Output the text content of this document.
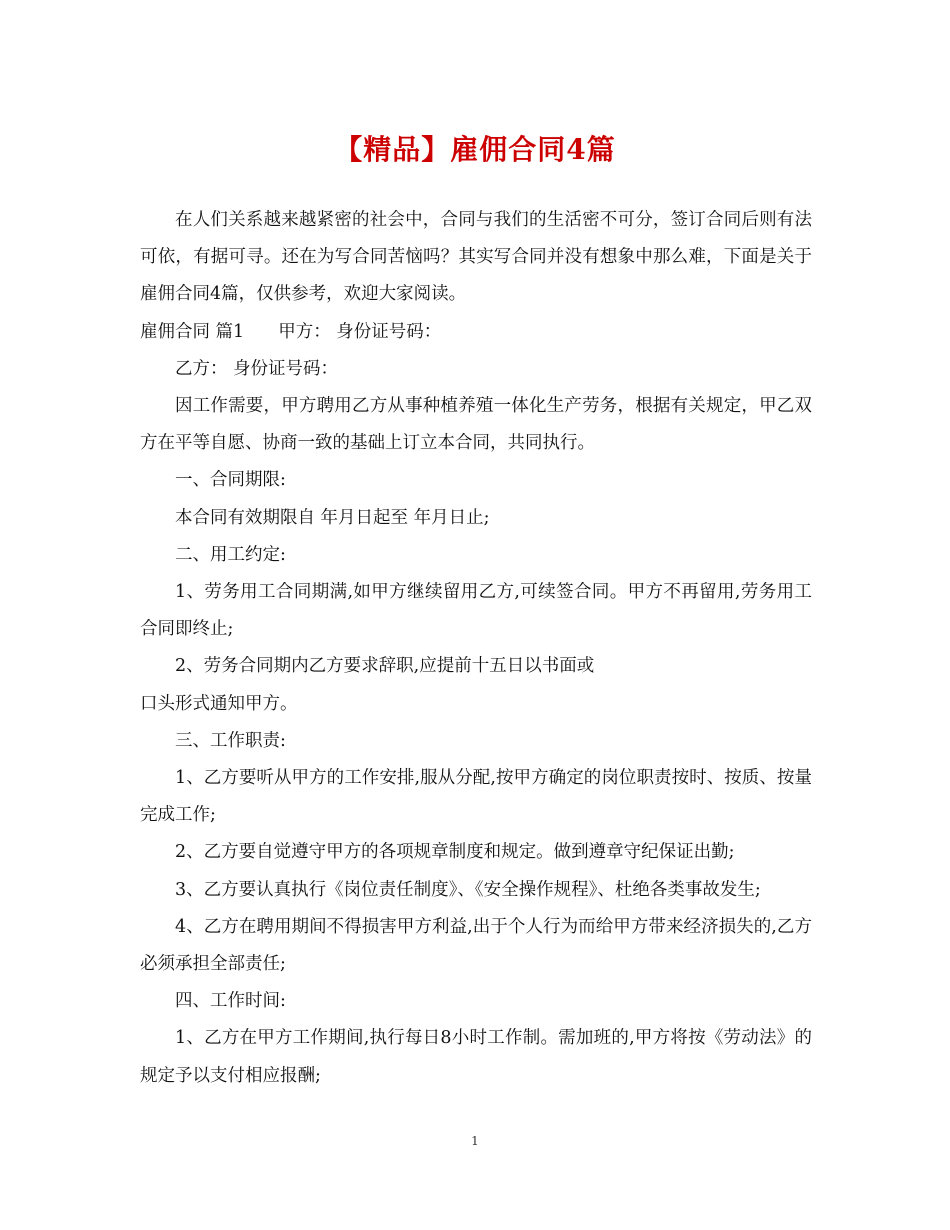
【精品】雇佣合同4篇

在人们关系越来越紧密的社会中，合同与我们的生活密不可分，签订合同后则有法可依，有据可寻。还在为写合同苦恼吗？其实写合同并没有想象中那么难，下面是关于雇佣合同4篇，仅供参考，欢迎大家阅读。

雇佣合同 篇1 甲方： 身份证号码：

乙方： 身份证号码：

因工作需要，甲方聘用乙方从事种植养殖一体化生产劳务，根据有关规定，甲乙双方在平等自愿、协商一致的基础上订立本合同，共同执行。

一、合同期限:

本合同有效期限自 年月日起至 年月日止;

二、用工约定:

1、劳务用工合同期满,如甲方继续留用乙方,可续签合同。甲方不再留用,劳务用工合同即终止;

2、劳务合同期内乙方要求辞职,应提前十五日以书面或

口头形式通知甲方。

三、工作职责:

1、乙方要听从甲方的工作安排,服从分配,按甲方确定的岗位职责按时、按质、按量完成工作;

2、乙方要自觉遵守甲方的各项规章制度和规定。做到遵章守纪保证出勤;

3、乙方要认真执行《岗位责任制度》、《安全操作规程》、杜绝各类事故发生;

4、乙方在聘用期间不得损害甲方利益,出于个人行为而给甲方带来经济损失的,乙方必须承担全部责任;

四、工作时间:

1、乙方在甲方工作期间,执行每日8小时工作制。需加班的,甲方将按《劳动法》的规定予以支付相应报酬;

1
